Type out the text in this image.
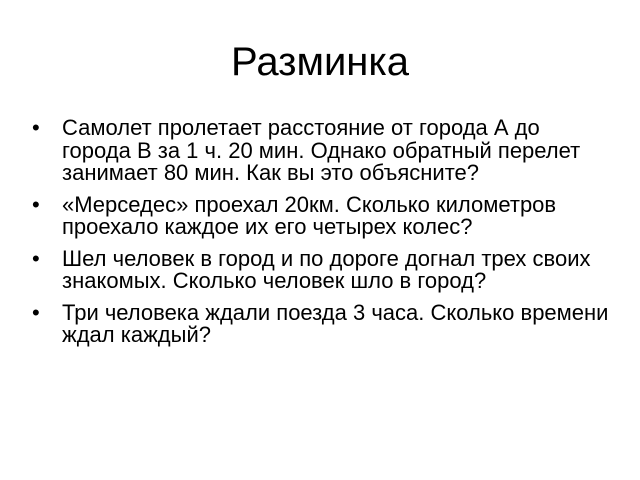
Разминка
• Самолет пролетает расстояние от города А до города В за 1 ч. 20 мин. Однако обратный перелет занимает 80 мин. Как вы это объясните?
• «Мерседес» проехал 20км. Сколько километров проехало каждое их его четырех колес?
• Шел человек в город и по дороге догнал трех своих знакомых. Сколько человек шло в город?
• Три человека ждали поезда 3 часа. Сколько времени ждал каждый?
